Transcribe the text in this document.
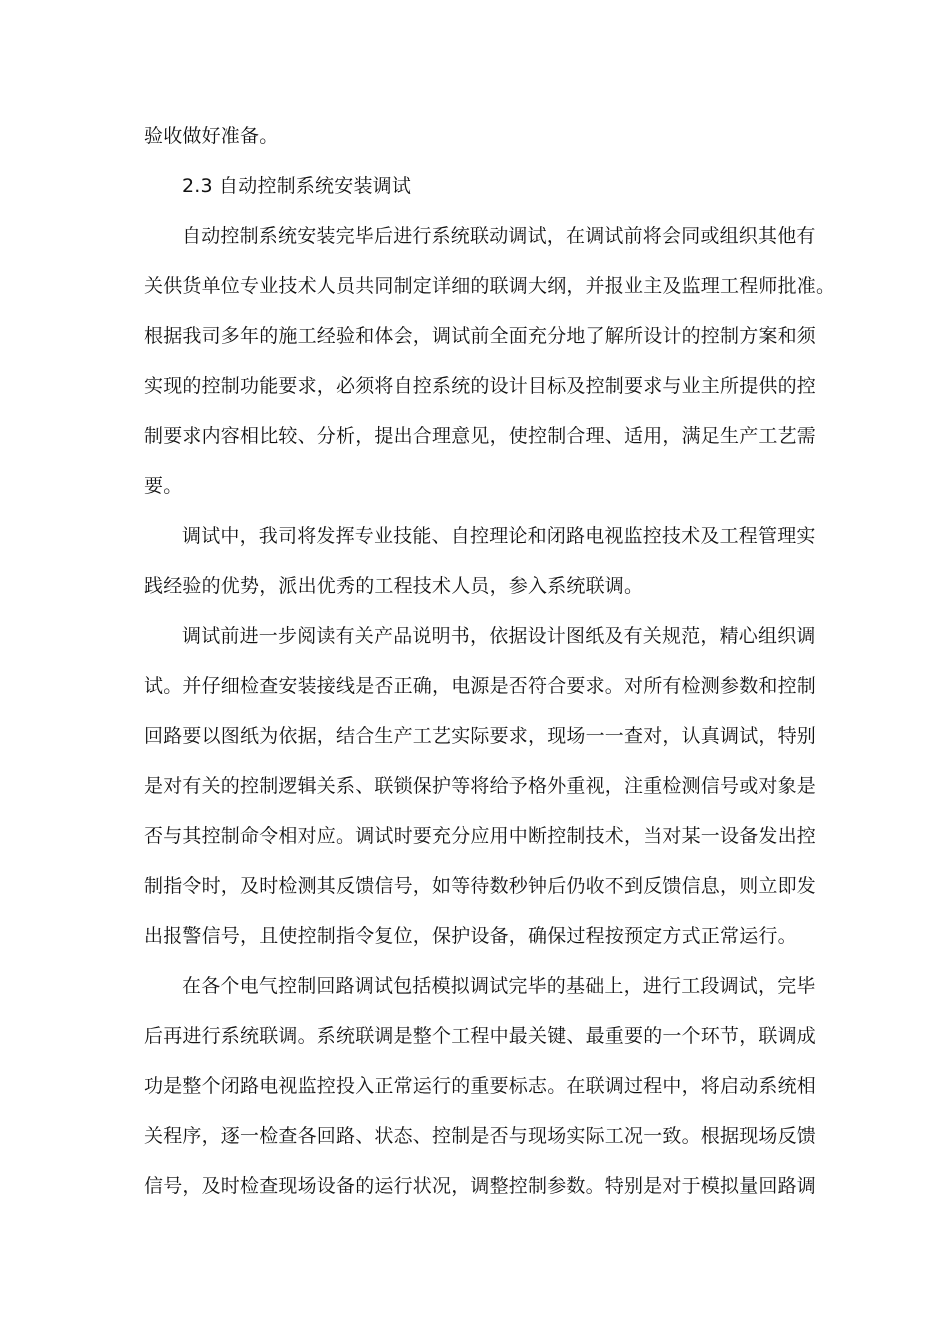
验收做好准备。
2.3 自动控制系统安装调试
自动控制系统安装完毕后进行系统联动调试，在调试前将会同或组织其他有
关供货单位专业技术人员共同制定详细的联调大纲，并报业主及监理工程师批准。
根据我司多年的施工经验和体会，调试前全面充分地了解所设计的控制方案和须
实现的控制功能要求，必须将自控系统的设计目标及控制要求与业主所提供的控
制要求内容相比较、分析，提出合理意见，使控制合理、适用，满足生产工艺需
要。
调试中，我司将发挥专业技能、自控理论和闭路电视监控技术及工程管理实
践经验的优势，派出优秀的工程技术人员，参入系统联调。
调试前进一步阅读有关产品说明书，依据设计图纸及有关规范，精心组织调
试。并仔细检查安装接线是否正确，电源是否符合要求。对所有检测参数和控制
回路要以图纸为依据，结合生产工艺实际要求，现场一一查对，认真调试，特别
是对有关的控制逻辑关系、联锁保护等将给予格外重视，注重检测信号或对象是
否与其控制命令相对应。调试时要充分应用中断控制技术，当对某一设备发出控
制指令时，及时检测其反馈信号，如等待数秒钟后仍收不到反馈信息，则立即发
出报警信号，且使控制指令复位，保护设备，确保过程按预定方式正常运行。
在各个电气控制回路调试包括模拟调试完毕的基础上，进行工段调试，完毕
后再进行系统联调。系统联调是整个工程中最关键、最重要的一个环节，联调成
功是整个闭路电视监控投入正常运行的重要标志。在联调过程中，将启动系统相
关程序，逐一检查各回路、状态、控制是否与现场实际工况一致。根据现场反馈
信号，及时检查现场设备的运行状况，调整控制参数。特别是对于模拟量回路调
